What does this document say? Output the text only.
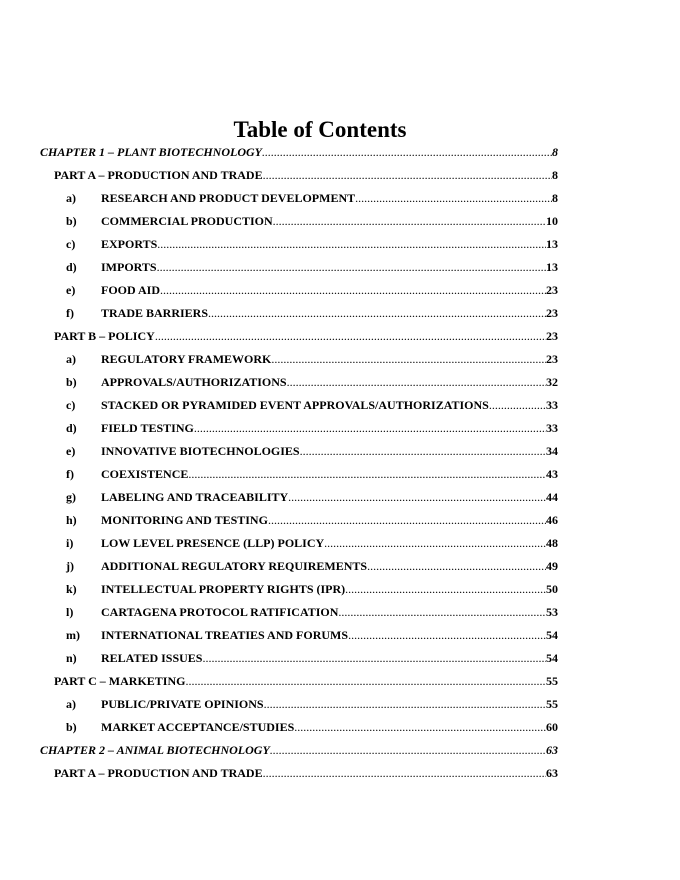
Table of Contents
CHAPTER 1 – PLANT BIOTECHNOLOGY .....	8
PART A – PRODUCTION AND TRADE .....	8
a)	RESEARCH AND PRODUCT DEVELOPMENT .....	8
b)	COMMERCIAL PRODUCTION .....	10
c)	EXPORTS .....	13
d)	IMPORTS .....	13
e)	FOOD AID .....	23
f)	TRADE BARRIERS .....	23
PART B – POLICY .....	23
a)	REGULATORY FRAMEWORK .....	23
b)	APPROVALS/AUTHORIZATIONS .....	32
c)	STACKED OR PYRAMIDED EVENT APPROVALS/AUTHORIZATIONS .....	33
d)	FIELD TESTING .....	33
e)	INNOVATIVE BIOTECHNOLOGIES .....	34
f)	COEXISTENCE .....	43
g)	LABELING AND TRACEABILITY .....	44
h)	MONITORING AND TESTING .....	46
i)	LOW LEVEL PRESENCE (LLP) POLICY .....	48
j)	ADDITIONAL REGULATORY REQUIREMENTS .....	49
k)	INTELLECTUAL PROPERTY RIGHTS (IPR) .....	50
l)	CARTAGENA PROTOCOL RATIFICATION .....	53
m)	INTERNATIONAL TREATIES AND FORUMS .....	54
n)	RELATED ISSUES .....	54
PART C – MARKETING .....	55
a)	PUBLIC/PRIVATE OPINIONS .....	55
b)	MARKET ACCEPTANCE/STUDIES .....	60
CHAPTER 2 – ANIMAL BIOTECHNOLOGY .....	63
PART A – PRODUCTION AND TRADE .....	63
